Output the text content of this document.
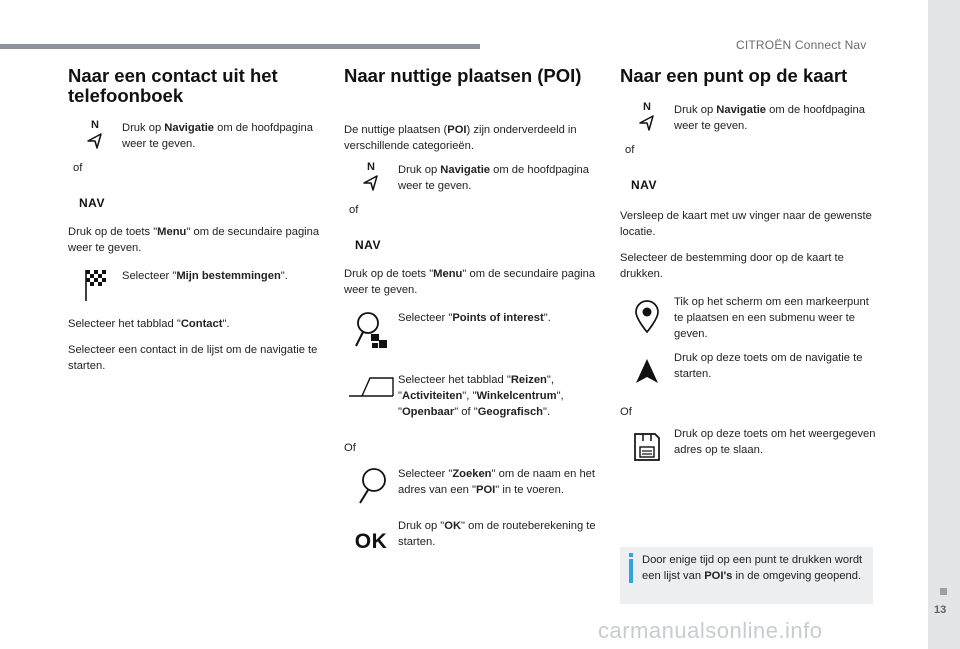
CITROËN Connect Nav
13
Naar een contact uit het telefoonboek
N Druk op Navigatie om de hoofdpagina weer te geven.
of
NAV

Druk op de toets "Menu" om de secundaire pagina weer te geven.

Selecteer "Mijn bestemmingen".

Selecteer het tabblad "Contact".

Selecteer een contact in de lijst om de navigatie te starten.

Naar nuttige plaatsen (POI)

De nuttige plaatsen (POI) zijn onderverdeeld in verschillende categorieën.

N Druk op Navigatie om de hoofdpagina weer te geven.
of
NAV

Druk op de toets "Menu" om de secundaire pagina weer te geven.

Selecteer "Points of interest".
Selecteer het tabblad "Reizen", "Activiteiten", "Winkelcentrum", "Openbaar" of "Geografisch".
Of
Selecteer "Zoeken" om de naam en het adres van een "POI" in te voeren.
OK
Druk op "OK" om de routeberekening te starten.
Naar een punt op de kaart
N Druk op Navigatie om de hoofdpagina weer te geven.
of
NAV

Versleep de kaart met uw vinger naar de gewenste locatie.

Selecteer de bestemming door op de kaart te drukken.

Tik op het scherm om een markeerpunt te plaatsen en een submenu weer te geven.
Druk op deze toets om de navigatie te starten.
Of
Druk op deze toets om het weergegeven adres op te slaan.
Door enige tijd op een punt te drukken wordt een lijst van POI's in de omgeving geopend.
carmanualsonline.info
